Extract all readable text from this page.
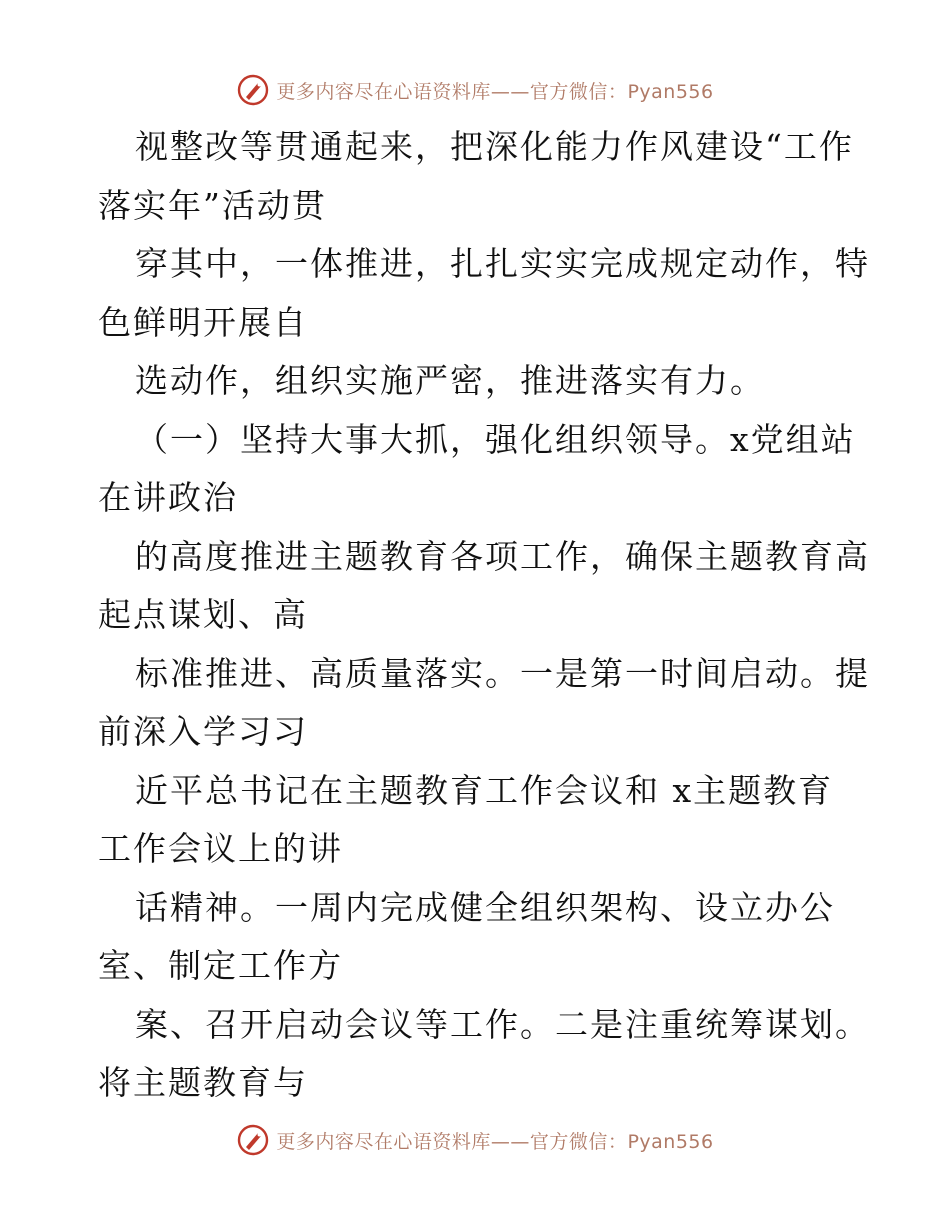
更多内容尽在心语资料库——官方微信：Pyan556
视整改等贯通起来，把深化能力作风建设“工作
落实年”活动贯
穿其中，一体推进，扎扎实实完成规定动作，特
色鲜明开展自
选动作，组织实施严密，推进落实有力。
（一）坚持大事大抓，强化组织领导。x党组站
在讲政治
的高度推进主题教育各项工作，确保主题教育高
起点谋划、高
标准推进、高质量落实。一是第一时间启动。提
前深入学习习
近平总书记在主题教育工作会议和 x主题教育
工作会议上的讲
话精神。一周内完成健全组织架构、设立办公
室、制定工作方
案、召开启动会议等工作。二是注重统筹谋划。
将主题教育与
更多内容尽在心语资料库——官方微信：Pyan556
